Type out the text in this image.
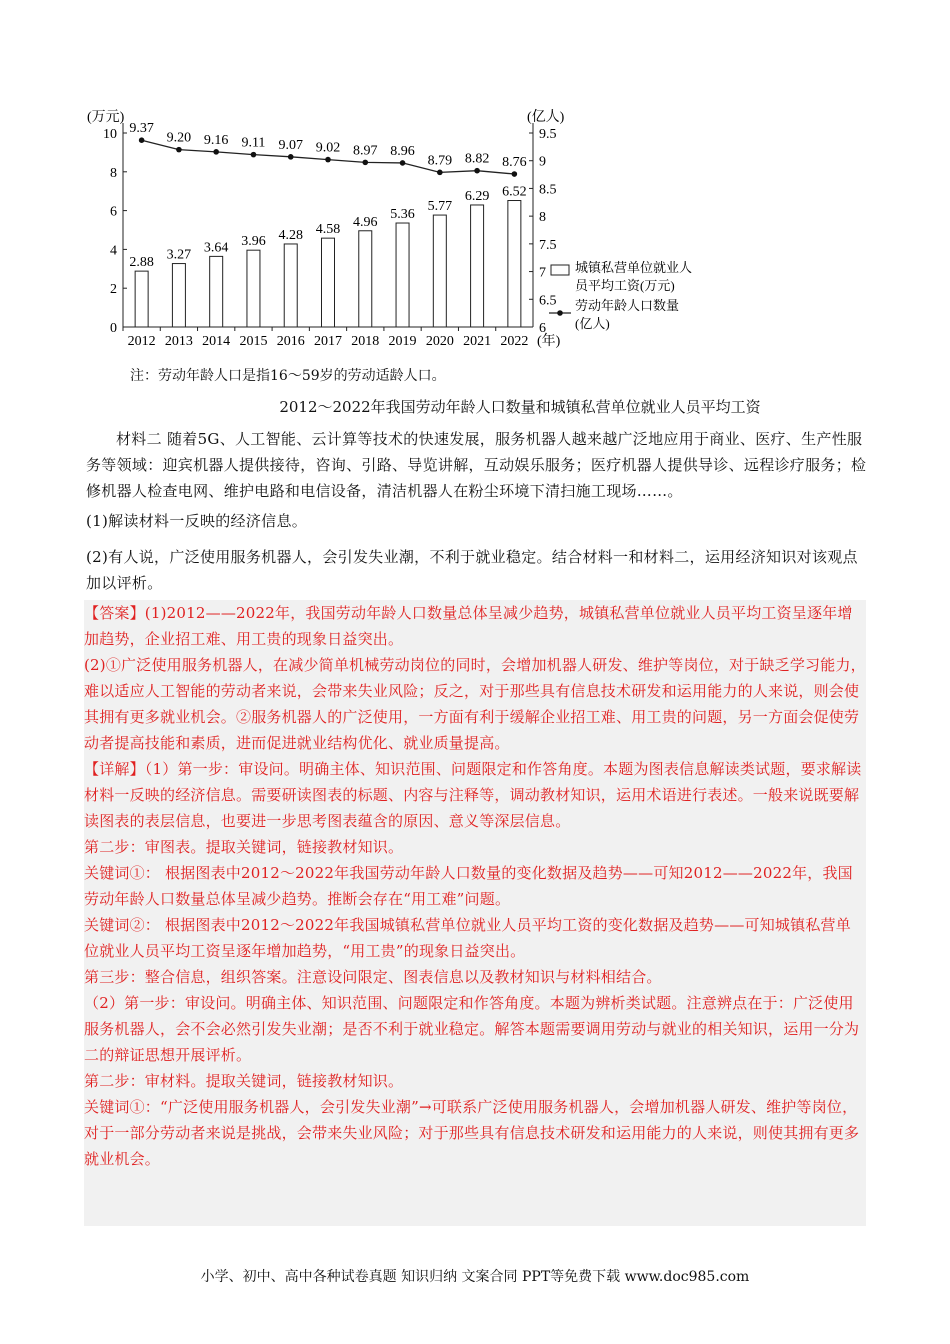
0
2
4
6
8
10
(万元)
6
6.5
7
7.5
8
8.5
9
9.5
(亿人)
2012 2013 2014 2015 2016 2017 2018 2019 2020 2021 2022 (年)
2.88
3.27 3.64 3.96 4.28 4.58 4.96
5.36
5.77
6.29 6.52
9.37
9.20 9.16 9.11 9.07 9.02 8.97 8.96
8.79 8.82 8.76
城镇私营单位就业人
员平均工资(万元)
劳动年龄人口数量
(亿人)
注：劳动年龄人口是指16～59岁的劳动适龄人口。
2012～2022年我国劳动年龄人口数量和城镇私营单位就业人员平均工资
材料二 随着5G、人工智能、云计算等技术的快速发展，服务机器人越来越广泛地应用于商业、医疗、生产性服务等领域：迎宾机器人提供接待，咨询、引路、导览讲解，互动娱乐服务；医疗机器人提供导诊、远程诊疗服务；检修机器人检查电网、维护电路和电信设备，清洁机器人在粉尘环境下清扫施工现场……。
(1)解读材料一反映的经济信息。
(2)有人说，广泛使用服务机器人，会引发失业潮，不利于就业稳定。结合材料一和材料二，运用经济知识对该观点加以评析。

【答案】(1)2012——2022年，我国劳动年龄人口数量总体呈减少趋势，城镇私营单位就业人员平均工资呈逐年增加趋势，企业招工难、用工贵的现象日益突出。

(2)①广泛使用服务机器人，在减少简单机械劳动岗位的同时，会增加机器人研发、维护等岗位，对于缺乏学习能力，难以适应人工智能的劳动者来说，会带来失业风险；反之，对于那些具有信息技术研发和运用能力的人来说，则会使其拥有更多就业机会。②服务机器人的广泛使用，一方面有利于缓解企业招工难、用工贵的问题，另一方面会促使劳动者提高技能和素质，进而促进就业结构优化、就业质量提高。

【详解】（1）第一步：审设问。明确主体、知识范围、问题限定和作答角度。本题为图表信息解读类试题，要求解读材料一反映的经济信息。需要研读图表的标题、内容与注释等，调动教材知识，运用术语进行表述。一般来说既要解读图表的表层信息，也要进一步思考图表蕴含的原因、意义等深层信息。

第二步：审图表。提取关键词，链接教材知识。

关键词①： 根据图表中2012～2022年我国劳动年龄人口数量的变化数据及趋势——可知2012——2022年，我国劳动年龄人口数量总体呈减少趋势。推断会存在“用工难”问题。

关键词②： 根据图表中2012～2022年我国城镇私营单位就业人员平均工资的变化数据及趋势——可知城镇私营单位就业人员平均工资呈逐年增加趋势，“用工贵”的现象日益突出。

第三步：整合信息，组织答案。注意设问限定、图表信息以及教材知识与材料相结合。

（2）第一步：审设问。明确主体、知识范围、问题限定和作答角度。本题为辨析类试题。注意辨点在于：广泛使用服务机器人，会不会必然引发失业潮；是否不利于就业稳定。解答本题需要调用劳动与就业的相关知识，运用一分为二的辩证思想开展评析。

第二步：审材料。提取关键词，链接教材知识。

关键词①：“广泛使用服务机器人，会引发失业潮”→可联系广泛使用服务机器人，会增加机器人研发、维护等岗位，对于一部分劳动者来说是挑战，会带来失业风险；对于那些具有信息技术研发和运用能力的人来说，则使其拥有更多就业机会。

小学、初中、高中各种试卷真题 知识归纳 文案合同 PPT等免费下载 www.doc985.com
